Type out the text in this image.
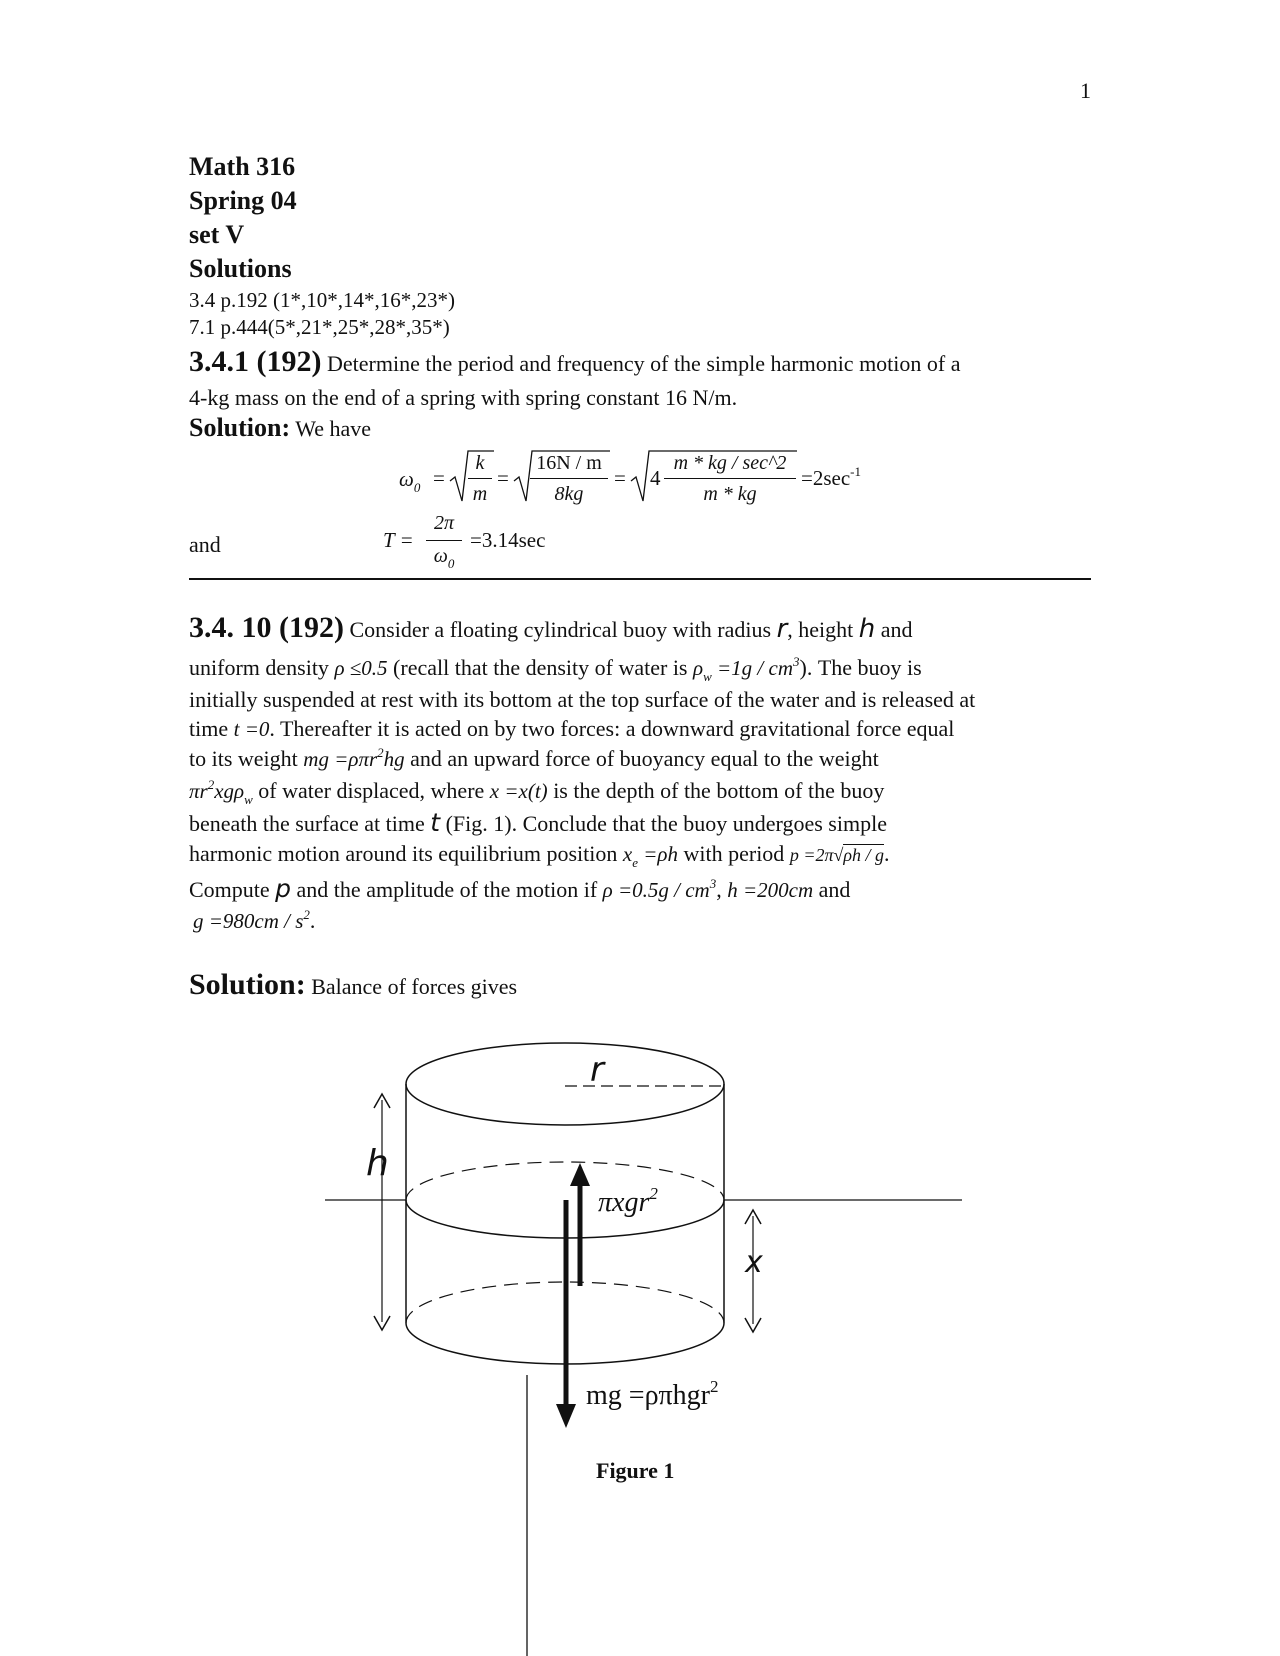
1
Math 316
Spring 04
set V
Solutions
3.4 p.192 (1*,10*,14*,16*,23*)
7.1 p.444(5*,21*,25*,28*,35*)
3.4.1 (192) Determine the period and frequency of the simple harmonic motion of a
4-kg mass on the end of a spring with spring constant 16 N/m.
Solution: We have
$\omega_0$ =
k
m
=
16N / m
8kg
= 4
m * kg / sec^2
m * kg
$=2\sec^{-1}$
and	T =
2π
$\omega_0$
=3.14sec
3.4. 10 (192) Consider a floating cylindrical buoy with radius r, height h and
uniform density ρ ≤0.5 (recall that the density of water is $\rho_w =1g / cm^3$). The buoy is
initially suspended at rest with its bottom at the top surface of the water and is released at
time t =0. Thereafter it is acted on by two forces: a downward gravitational force equal
to its weight mg =ρπr$^2$hg and an upward force of buoyancy equal to the weight
$\pi r^2xg\rho_w$ of water displaced, where x =x(t) is the depth of the bottom of the buoy
beneath the surface at time t (Fig. 1). Conclude that the buoy undergoes simple
harmonic motion around its equilibrium position $x_e =\rho h$ with period p =2π√ρh / g.
Compute p and the amplitude of the motion if $\rho =0.5g / cm^3$, h =200cm and
$g =980cm / s^2$.
Solution: Balance of forces gives
r
h
x
πxgr$^2$
mg =ρπhgr$^2$
Figure 1
